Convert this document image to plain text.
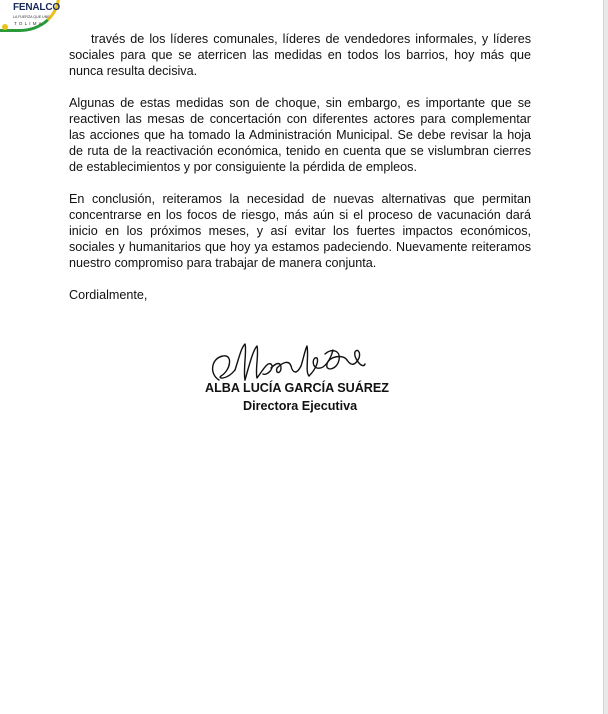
FENALCO
LA FUERZA QUE UNE
TOLIMA

través de los líderes comunales, líderes de vendedores informales, y líderes sociales para que se aterricen las medidas en todos los barrios, hoy más que nunca resulta decisiva.

Algunas de estas medidas son de choque, sin embargo, es importante que se reactiven las mesas de concertación con diferentes actores para complementar las acciones que ha tomado la Administración Municipal. Se debe revisar la hoja de ruta de la reactivación económica, tenido en cuenta que se vislumbran cierres de establecimientos y por consiguiente la pérdida de empleos.

En conclusión, reiteramos la necesidad de nuevas alternativas que permitan concentrarse en los focos de riesgo, más aún si el proceso de vacunación dará inicio en los próximos meses, y así evitar los fuertes impactos económicos, sociales y humanitarios que hoy ya estamos padeciendo. Nuevamente reiteramos nuestro compromiso para trabajar de manera conjunta.

Cordialmente,

ALBA LUCÍA GARCÍA SUÁREZ
Directora Ejecutiva
